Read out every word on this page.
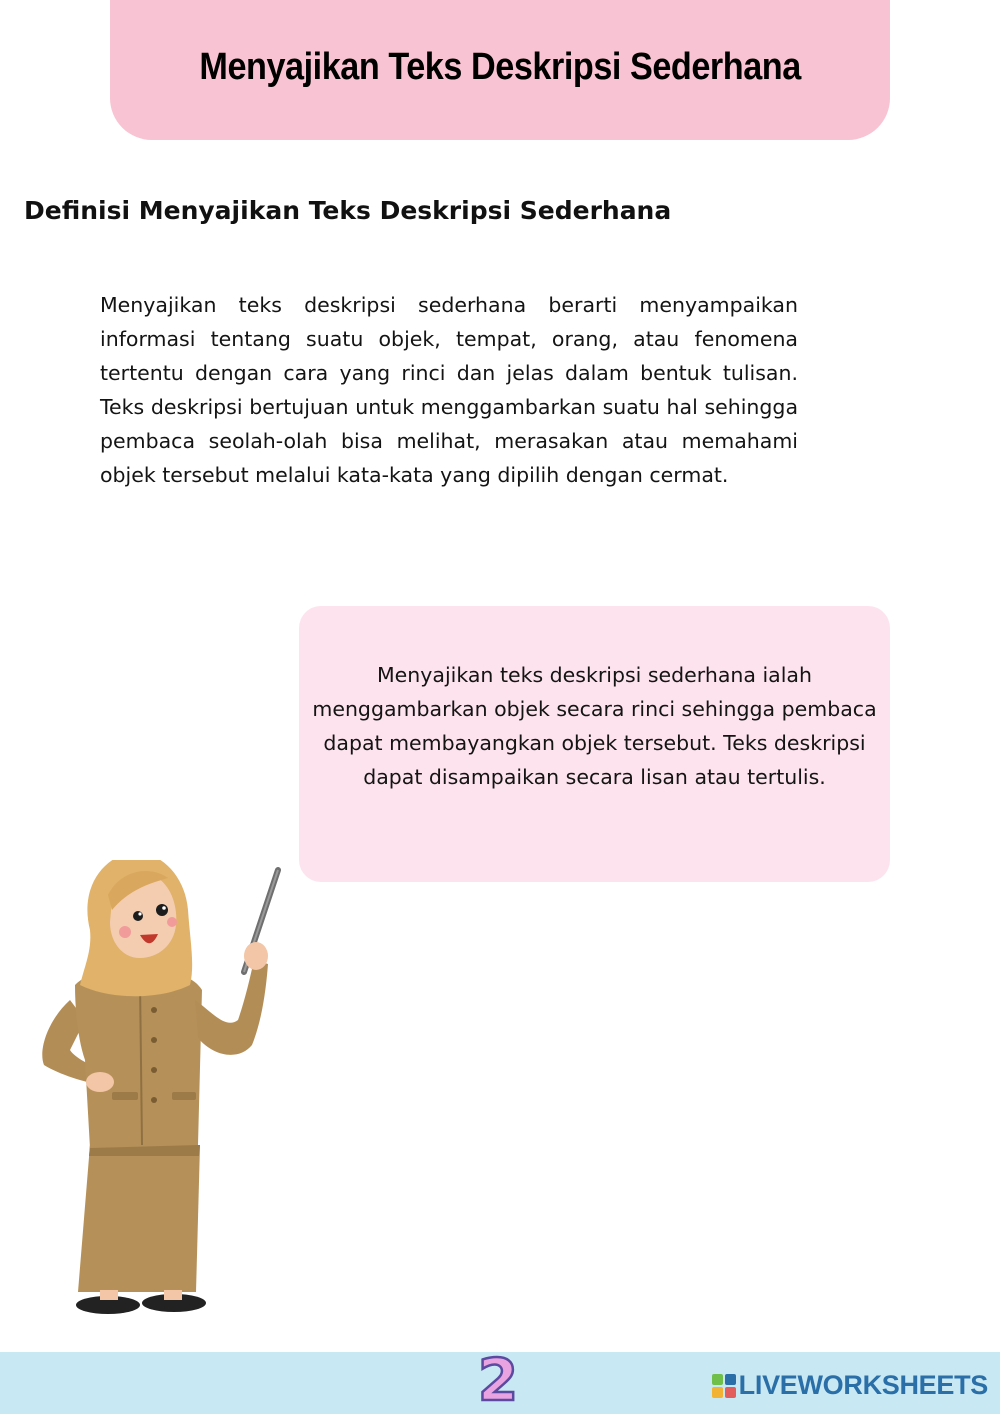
Menyajikan Teks Deskripsi Sederhana
Definisi Menyajikan Teks Deskripsi Sederhana
Menyajikan teks deskripsi sederhana berarti menyampaikan informasi tentang suatu objek, tempat, orang, atau fenomena tertentu dengan cara yang rinci dan jelas dalam bentuk tulisan. Teks deskripsi bertujuan untuk menggambarkan suatu hal sehingga pembaca seolah-olah bisa melihat, merasakan atau memahami objek tersebut melalui kata-kata yang dipilih dengan cermat.
Menyajikan teks deskripsi sederhana ialah menggambarkan objek secara rinci sehingga pembaca dapat membayangkan objek tersebut. Teks deskripsi dapat disampaikan secara lisan atau tertulis.
2	LIVEWORKSHEETS
